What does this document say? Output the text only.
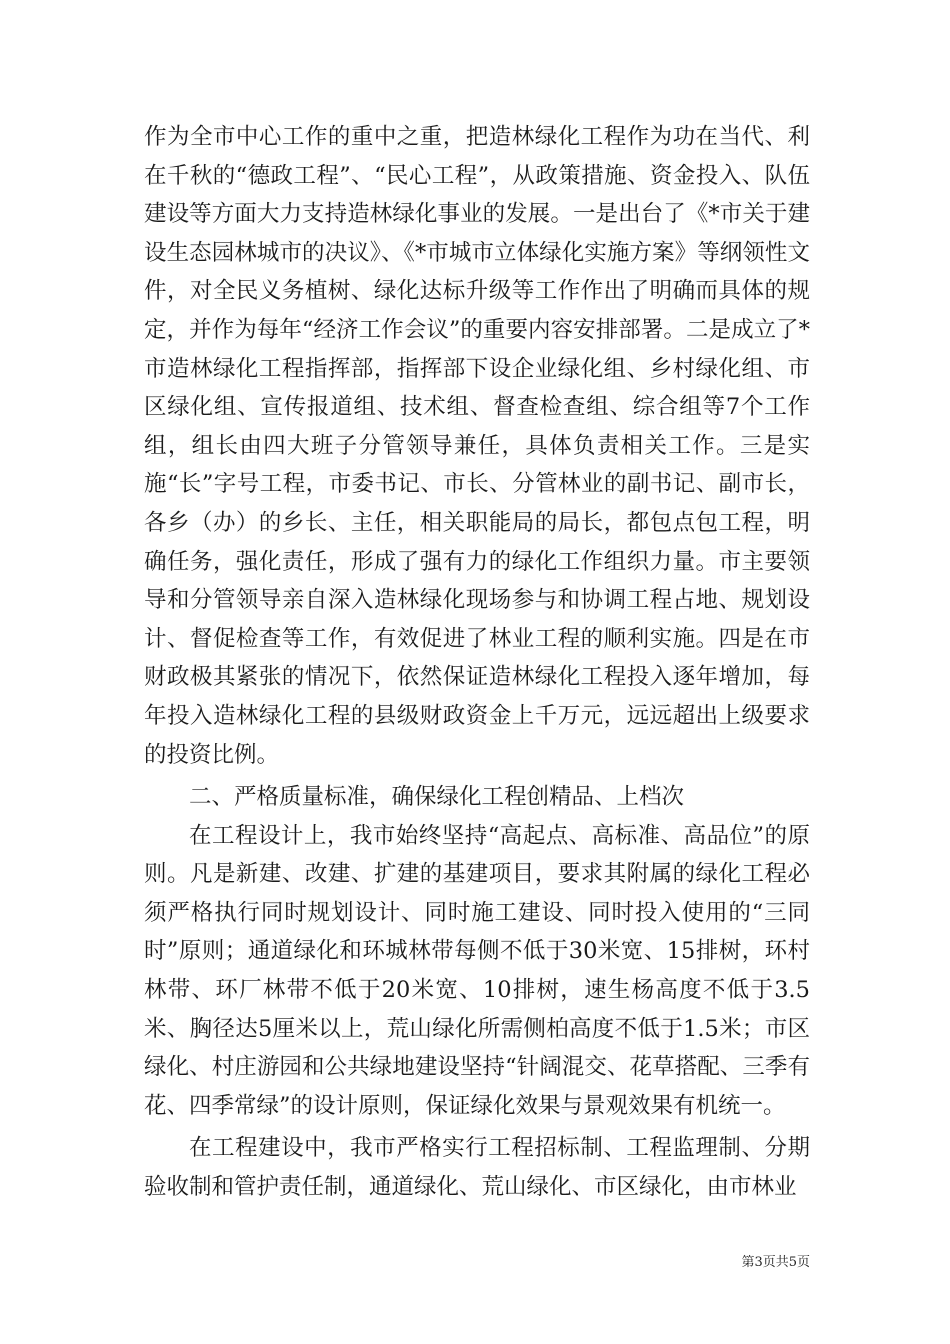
作为全市中心工作的重中之重，把造林绿化工程作为功在当代、利在千秋的“德政工程”、“民心工程”，从政策措施、资金投入、队伍建设等方面大力支持造林绿化事业的发展。一是出台了《*市关于建设生态园林城市的决议》、《*市城市立体绿化实施方案》等纲领性文件，对全民义务植树、绿化达标升级等工作作出了明确而具体的规定，并作为每年“经济工作会议”的重要内容安排部署。二是成立了*市造林绿化工程指挥部，指挥部下设企业绿化组、乡村绿化组、市区绿化组、宣传报道组、技术组、督查检查组、综合组等7个工作组，组长由四大班子分管领导兼任，具体负责相关工作。三是实施“长”字号工程，市委书记、市长、分管林业的副书记、副市长，各乡（办）的乡长、主任，相关职能局的局长，都包点包工程，明确任务，强化责任，形成了强有力的绿化工作组织力量。市主要领导和分管领导亲自深入造林绿化现场参与和协调工程占地、规划设计、督促检查等工作，有效促进了林业工程的顺利实施。四是在市财政极其紧张的情况下，依然保证造林绿化工程投入逐年增加，每年投入造林绿化工程的县级财政资金上千万元，远远超出上级要求的投资比例。

二、严格质量标准，确保绿化工程创精品、上档次

在工程设计上，我市始终坚持“高起点、高标准、高品位”的原则。凡是新建、改建、扩建的基建项目，要求其附属的绿化工程必须严格执行同时规划设计、同时施工建设、同时投入使用的“三同时”原则；通道绿化和环城林带每侧不低于30米宽、15排树，环村林带、环厂林带不低于20米宽、10排树，速生杨高度不低于3.5米、胸径达5厘米以上，荒山绿化所需侧柏高度不低于1.5米；市区绿化、村庄游园和公共绿地建设坚持“针阔混交、花草搭配、三季有花、四季常绿”的设计原则，保证绿化效果与景观效果有机统一。

在工程建设中，我市严格实行工程招标制、工程监理制、分期验收制和管护责任制，通道绿化、荒山绿化、市区绿化，由市林业

第3页共5页
